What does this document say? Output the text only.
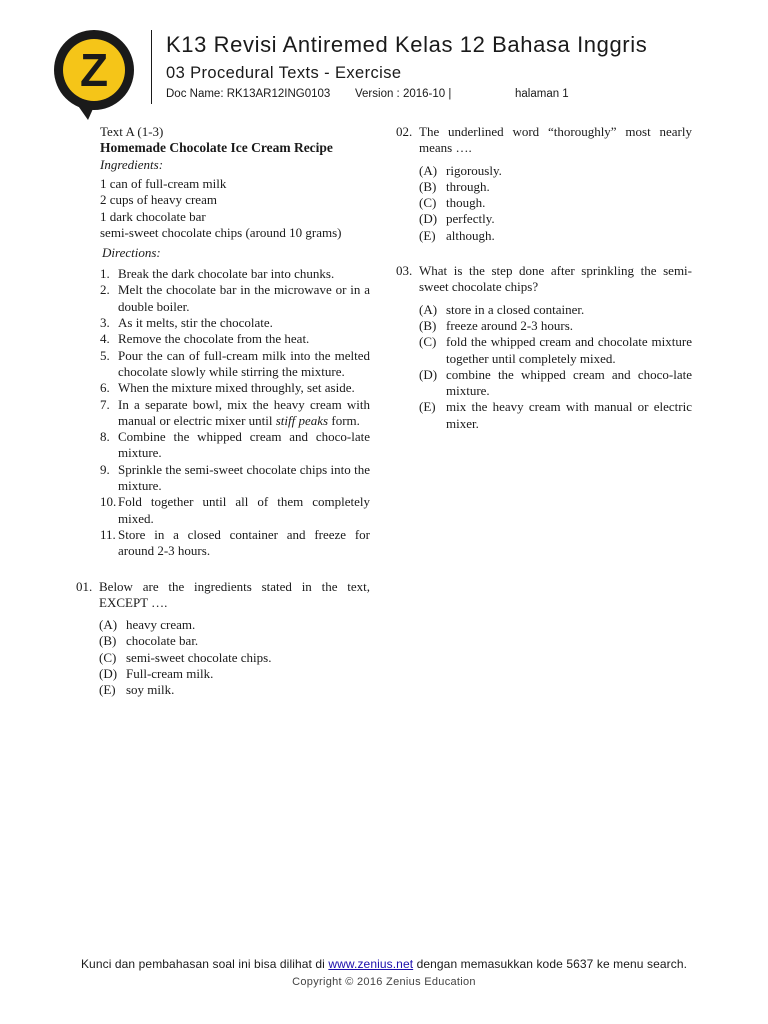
Z	K13 Revisi Antiremed Kelas 12 Bahasa Inggris
03 Procedural Texts - Exercise
Doc Name: RK13AR12ING0103 Version : 2016-10 |	halaman 1
Text A (1-3)
Homemade Chocolate Ice Cream Recipe
Ingredients:
1 can of full-cream milk
2 cups of heavy cream
1 dark chocolate bar
semi-sweet chocolate chips (around 10 grams)
Directions:
1. Break the dark chocolate bar into chunks.
2. Melt the chocolate bar in the microwave or in a double boiler.
3. As it melts, stir the chocolate.
4. Remove the chocolate from the heat.
5. Pour the can of full-cream milk into the melted chocolate slowly while stirring the mixture.
6. When the mixture mixed throughly, set aside.
7. In a separate bowl, mix the heavy cream with manual or electric mixer until stiff peaks form.
8. Combine the whipped cream and choco-late mixture.
9. Sprinkle the semi-sweet chocolate chips into the mixture.
10. Fold together until all of them completely mixed.
11. Store in a closed container and freeze for around 2-3 hours.
01. Below are the ingredients stated in the text, EXCEPT ….
(A) heavy cream.
(B) chocolate bar.
(C) semi-sweet chocolate chips.
(D) Full-cream milk.
(E) soy milk.
02. The underlined word “thoroughly” most nearly means ….
(A) rigorously.
(B) through.
(C) though.
(D) perfectly.
(E) although.
03. What is the step done after sprinkling the semi-sweet chocolate chips?
(A) store in a closed container.
(B) freeze around 2-3 hours.
(C) fold the whipped cream and chocolate mixture together until completely mixed.
(D) combine the whipped cream and choco-late mixture.
(E) mix the heavy cream with manual or electric mixer.
Kunci dan pembahasan soal ini bisa dilihat di www.zenius.net dengan memasukkan kode 5637 ke menu search.
Copyright © 2016 Zenius Education
